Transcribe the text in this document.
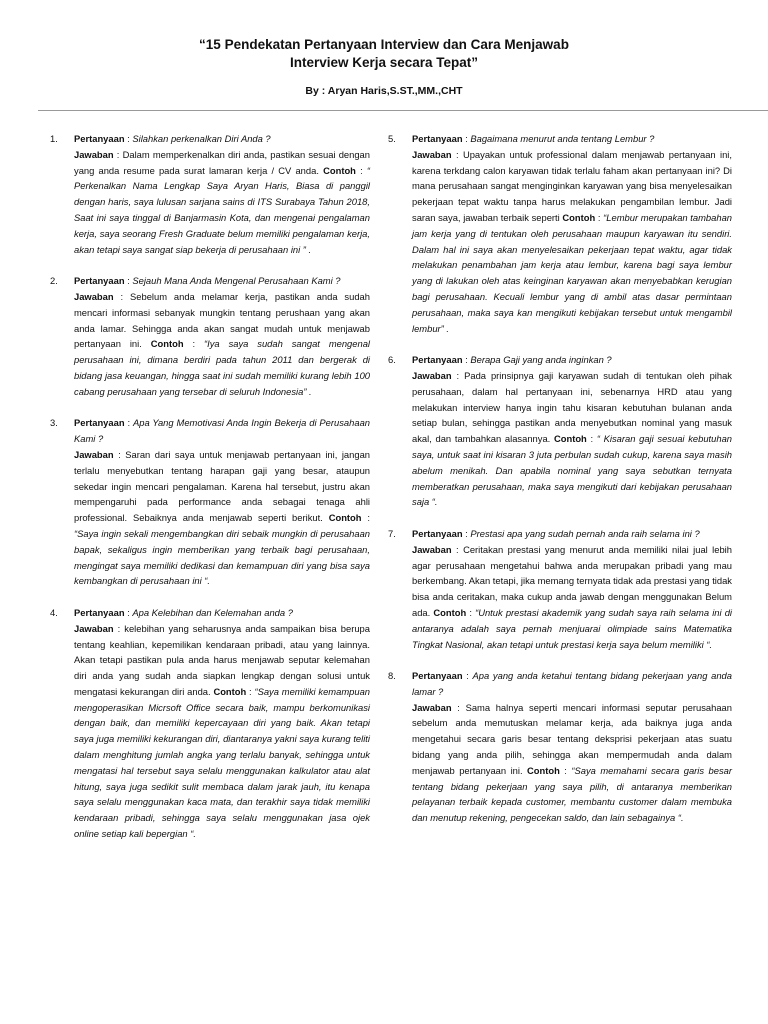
“15 Pendekatan Pertanyaan Interview dan Cara Menjawab
Interview Kerja secara Tepat”
By : Aryan Haris,S.ST.,MM.,CHT
1. Pertanyaan : Silahkan perkenalkan Diri Anda ?
Jawaban : Dalam memperkenalkan diri anda, pastikan sesuai dengan yang anda resume pada surat lamaran kerja / CV anda. Contoh : “ Perkenalkan Nama Lengkap Saya Aryan Haris, Biasa di panggil dengan haris, saya lulusan sarjana sains di ITS Surabaya Tahun 2018, Saat ini saya tinggal di Banjarmasin Kota, dan mengenai pengalaman kerja, saya seorang Fresh Graduate belum memiliki pengalaman kerja, akan tetapi saya sangat siap bekerja di perusahaan ini ” .
2. Pertanyaan : Sejauh Mana Anda Mengenal Perusahaan Kami ?
Jawaban : Sebelum anda melamar kerja, pastikan anda sudah mencari informasi sebanyak mungkin tentang perushaan yang akan anda lamar. Sehingga anda akan sangat mudah untuk menjawab pertanyaan ini. Contoh : “Iya saya sudah sangat mengenal perusahaan ini, dimana berdiri pada tahun 2011 dan bergerak di bidang jasa keuangan, hingga saat ini sudah memiliki kurang lebih 100 cabang perusahaan yang tersebar di seluruh Indonesia” .
3. Pertanyaan : Apa Yang Memotivasi Anda Ingin Bekerja di Perusahaan Kami ?
Jawaban : Saran dari saya untuk menjawab pertanyaan ini, jangan terlalu menyebutkan tentang harapan gaji yang besar, ataupun sekedar ingin mencari pengalaman. Karena hal tersebut, justru akan mempengaruhi pada performance anda sebagai tenaga ahli professional. Sebaiknya anda menjawab seperti berikut. Contoh : “Saya ingin sekali mengembangkan diri sebaik mungkin di perusahaan bapak, sekaligus ingin memberikan yang terbaik bagi perusahaan, mengingat saya memiliki dedikasi dan kemampuan diri yang bisa saya kembangkan di perusahaan ini “.
4. Pertanyaan : Apa Kelebihan dan Kelemahan anda ?
Jawaban : kelebihan yang seharusnya anda sampaikan bisa berupa tentang keahlian, kepemilikan kendaraan pribadi, atau yang lainnya. Akan tetapi pastikan pula anda harus menjawab seputar kelemahan diri anda yang sudah anda siapkan lengkap dengan solusi untuk mengatasi kekurangan diri anda. Contoh : “Saya memiliki kemampuan mengoperasikan Micrsoft Office secara baik, mampu berkomunikasi dengan baik, dan memiliki kepercayaan diri yang baik. Akan tetapi saya juga memiliki kekurangan diri, diantaranya yakni saya kurang teliti dalam menghitung jumlah angka yang terlalu banyak, sehingga untuk mengatasi hal tersebut saya selalu menggunakan kalkulator atau alat hitung, saya juga sedikit sulit membaca dalam jarak jauh, itu kenapa saya selalu menggunakan kaca mata, dan terakhir saya tidak memiliki kendaraan pribadi, sehingga saya selalu menggunakan jasa ojek online setiap kali bepergian “.
5. Pertanyaan : Bagaimana menurut anda tentang Lembur ?
Jawaban : Upayakan untuk professional dalam menjawab pertanyaan ini, karena terkdang calon karyawan tidak terlalu faham akan pertanyaan ini? Di mana perusahaan sangat menginginkan karyawan yang bisa menyelesaikan pekerjaan tepat waktu tanpa harus melakukan pengambilan lembur. Jadi saran saya, jawaban terbaik seperti Contoh : “Lembur merupakan tambahan jam kerja yang di tentukan oleh perusahaan maupun karyawan itu sendiri. Dalam hal ini saya akan menyelesaikan pekerjaan tepat waktu, agar tidak melakukan penambahan jam kerja atau lembur, karena bagi saya lembur yang di lakukan oleh atas keinginan karyawan akan menyebabkan kerugian bagi perusahaan. Kecuali lembur yang di ambil atas dasar permintaan perusahaan, maka saya kan mengikuti kebijakan tersebut untuk mengambil lembur” .
6. Pertanyaan : Berapa Gaji yang anda inginkan ?
Jawaban : Pada prinsipnya gaji karyawan sudah di tentukan oleh pihak perusahaan, dalam hal pertanyaan ini, sebenarnya HRD atau yang melakukan interview hanya ingin tahu kisaran kebutuhan bulanan anda setiap bulan, sehingga pastikan anda menyebutkan nominal yang masuk akal, dan tambahkan alasannya. Contoh : “ Kisaran gaji sesuai kebutuhan saya, untuk saat ini kisaran 3 juta perbulan sudah cukup, karena saya masih abelum menikah. Dan apabila nominal yang saya sebutkan ternyata memberatkan perusahaan, maka saya mengikuti dari kebijakan perusahaan saja “.
7. Pertanyaan : Prestasi apa yang sudah pernah anda raih selama ini ?
Jawaban : Ceritakan prestasi yang menurut anda memiliki nilai jual lebih agar perusahaan mengetahui bahwa anda merupakan pribadi yang mau berkembang. Akan tetapi, jika memang ternyata tidak ada prestasi yang tidak bisa anda ceritakan, maka cukup anda jawab dengan menggunakan Belum ada. Contoh : “Untuk prestasi akademik yang sudah saya raih selama ini di antaranya adalah saya pernah menjuarai olimpiade sains Matematika Tingkat Nasional, akan tetapi untuk prestasi kerja saya belum memiliki “.
8. Pertanyaan : Apa yang anda ketahui tentang bidang pekerjaan yang anda lamar ?
Jawaban : Sama halnya seperti mencari informasi seputar perusahaan sebelum anda memutuskan melamar kerja, ada baiknya juga anda mengetahui secara garis besar tentang deksprisi pekerjaan atas suatu bidang yang anda pilih, sehingga akan mempermudah anda dalam menjawab pertanyaan ini. Contoh : “Saya memahami secara garis besar tentang bidang pekerjaan yang saya pilih, di antaranya memberikan pelayanan terbaik kepada customer, membantu customer dalam membuka dan menutup rekening, pengecekan saldo, dan lain sebagainya “.
